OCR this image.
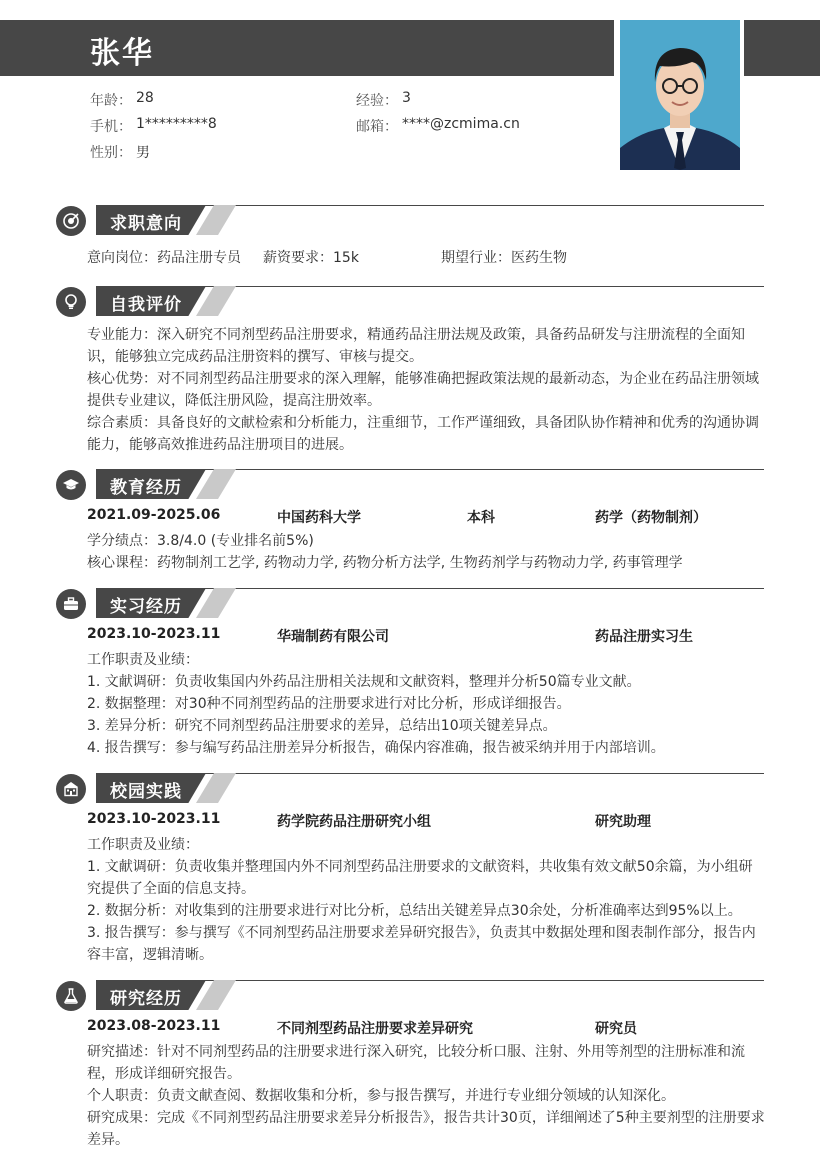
张华
年龄： 28	经验： 3
手机： 1*********8	邮箱： ****@zcmima.cn
性别： 男
求职意向
意向岗位：药品注册专员 薪资要求：15k	期望行业：医药生物
自我评价
专业能力：深入研究不同剂型药品注册要求，精通药品注册法规及政策，具备药品研发与注册流程的全面知识，能够独立完成药品注册资料的撰写、审核与提交。
核心优势：对不同剂型药品注册要求的深入理解，能够准确把握政策法规的最新动态，为企业在药品注册领域提供专业建议，降低注册风险，提高注册效率。
综合素质：具备良好的文献检索和分析能力，注重细节，工作严谨细致，具备团队协作精神和优秀的沟通协调能力，能够高效推进药品注册项目的进展。
教育经历
2021.09-2025.06	中国药科大学	本科	药学（药物制剂）
学分绩点：3.8/4.0 (专业排名前5%)
核心课程：药物制剂工艺学, 药物动力学, 药物分析方法学, 生物药剂学与药物动力学, 药事管理学
实习经历
2023.10-2023.11	华瑞制药有限公司	药品注册实习生
工作职责及业绩：
1. 文献调研：负责收集国内外药品注册相关法规和文献资料，整理并分析50篇专业文献。
2. 数据整理：对30种不同剂型药品的注册要求进行对比分析，形成详细报告。
3. 差异分析：研究不同剂型药品注册要求的差异，总结出10项关键差异点。
4. 报告撰写：参与编写药品注册差异分析报告，确保内容准确，报告被采纳并用于内部培训。
校园实践
2023.10-2023.11	药学院药品注册研究小组	研究助理
工作职责及业绩：
1. 文献调研：负责收集并整理国内外不同剂型药品注册要求的文献资料，共收集有效文献50余篇，为小组研究提供了全面的信息支持。
2. 数据分析：对收集到的注册要求进行对比分析，总结出关键差异点30余处，分析准确率达到95%以上。
3. 报告撰写：参与撰写《不同剂型药品注册要求差异研究报告》，负责其中数据处理和图表制作部分，报告内容丰富，逻辑清晰。
研究经历
2023.08-2023.11	不同剂型药品注册要求差异研究	研究员
研究描述：针对不同剂型药品的注册要求进行深入研究，比较分析口服、注射、外用等剂型的注册标准和流程，形成详细研究报告。
个人职责：负责文献查阅、数据收集和分析，参与报告撰写，并进行专业细分领域的认知深化。
研究成果：完成《不同剂型药品注册要求差异分析报告》，报告共计30页，详细阐述了5种主要剂型的注册要求差异。
